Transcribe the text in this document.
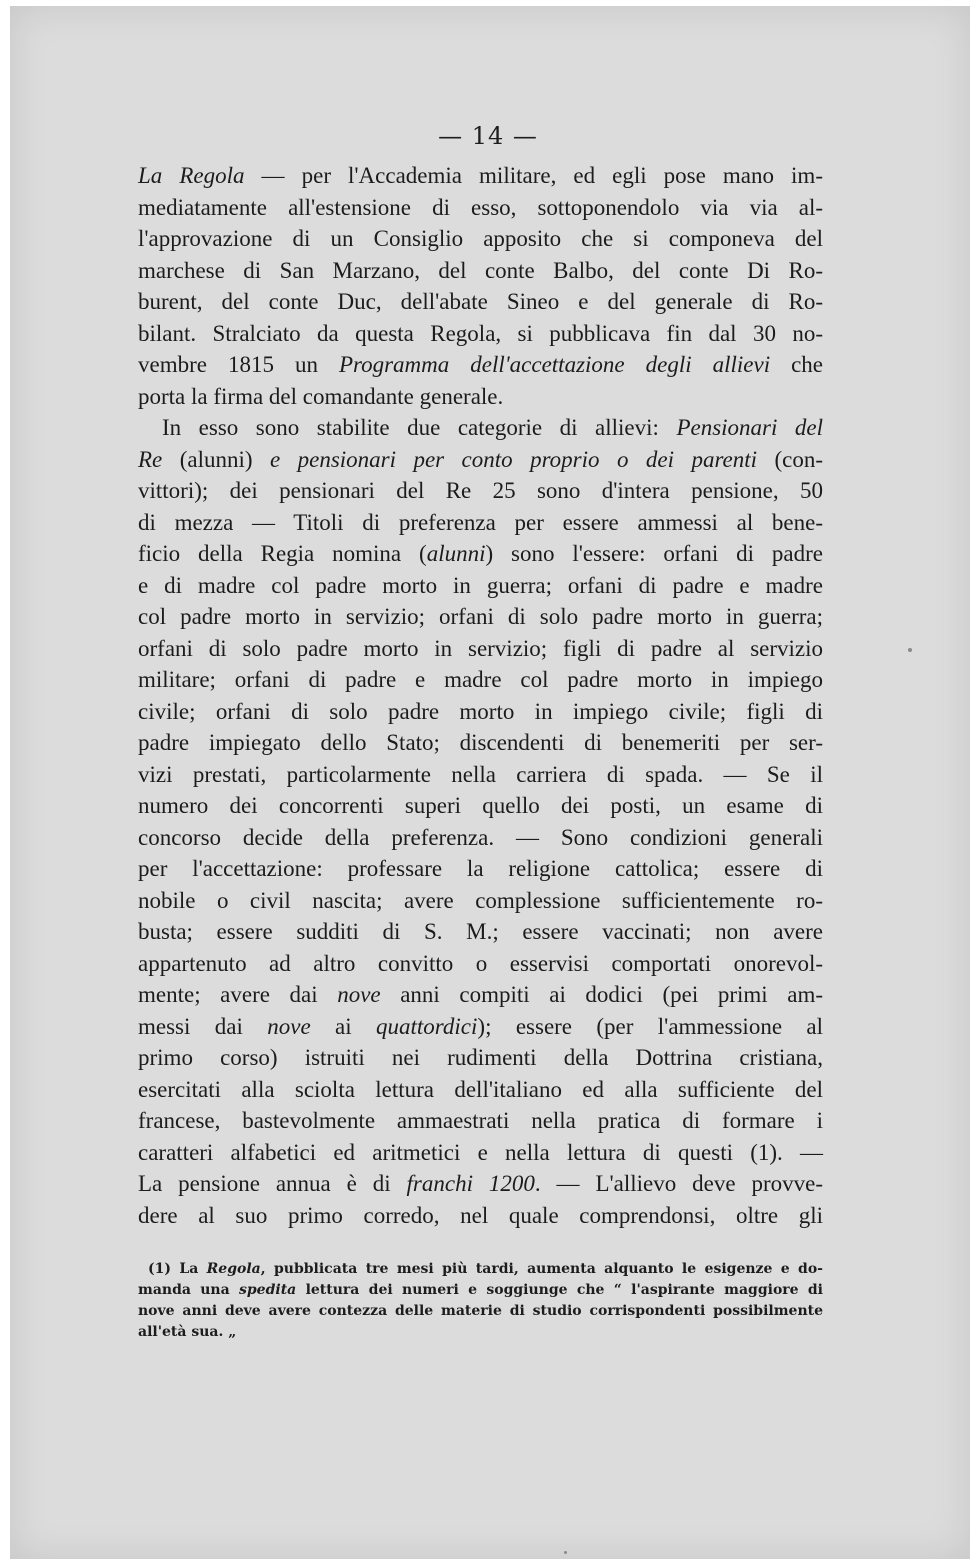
— 14 —
La Regola — per l'Accademia militare, ed egli pose mano im-
mediatamente all'estensione di esso, sottoponendolo via via al-
l'approvazione di un Consiglio apposito che si componeva del
marchese di San Marzano, del conte Balbo, del conte Di Ro-
burent, del conte Duc, dell'abate Sineo e del generale di Ro-
bilant. Stralciato da questa Regola, si pubblicava fin dal 30 no-
vembre 1815 un Programma dell'accettazione degli allievi che
porta la firma del comandante generale.
In esso sono stabilite due categorie di allievi: Pensionari del
Re (alunni) e pensionari per conto proprio o dei parenti (con-
vittori); dei pensionari del Re 25 sono d'intera pensione, 50
di mezza — Titoli di preferenza per essere ammessi al bene-
ficio della Regia nomina (alunni) sono l'essere: orfani di padre
e di madre col padre morto in guerra; orfani di padre e madre
col padre morto in servizio; orfani di solo padre morto in guerra;
orfani di solo padre morto in servizio; figli di padre al servizio
militare; orfani di padre e madre col padre morto in impiego
civile; orfani di solo padre morto in impiego civile; figli di
padre impiegato dello Stato; discendenti di benemeriti per ser-
vizi prestati, particolarmente nella carriera di spada. — Se il
numero dei concorrenti superi quello dei posti, un esame di
concorso decide della preferenza. — Sono condizioni generali
per l'accettazione: professare la religione cattolica; essere di
nobile o civil nascita; avere complessione sufficientemente ro-
busta; essere sudditi di S. M.; essere vaccinati; non avere
appartenuto ad altro convitto o esservisi comportati onorevol-
mente; avere dai nove anni compiti ai dodici (pei primi am-
messi dai nove ai quattordici); essere (per l'ammessione al
primo corso) istruiti nei rudimenti della Dottrina cristiana,
esercitati alla sciolta lettura dell'italiano ed alla sufficiente del
francese, bastevolmente ammaestrati nella pratica di formare i
caratteri alfabetici ed aritmetici e nella lettura di questi (1). —
La pensione annua è di franchi 1200. — L'allievo deve provve-
dere al suo primo corredo, nel quale comprendonsi, oltre gli
(1) La Regola, pubblicata tre mesi più tardi, aumenta alquanto le esigenze e do-
manda una spedita lettura dei numeri e soggiunge che “ l'aspirante maggiore di
nove anni deve avere contezza delle materie di studio corrispondenti possibilmente
all'età sua. „
